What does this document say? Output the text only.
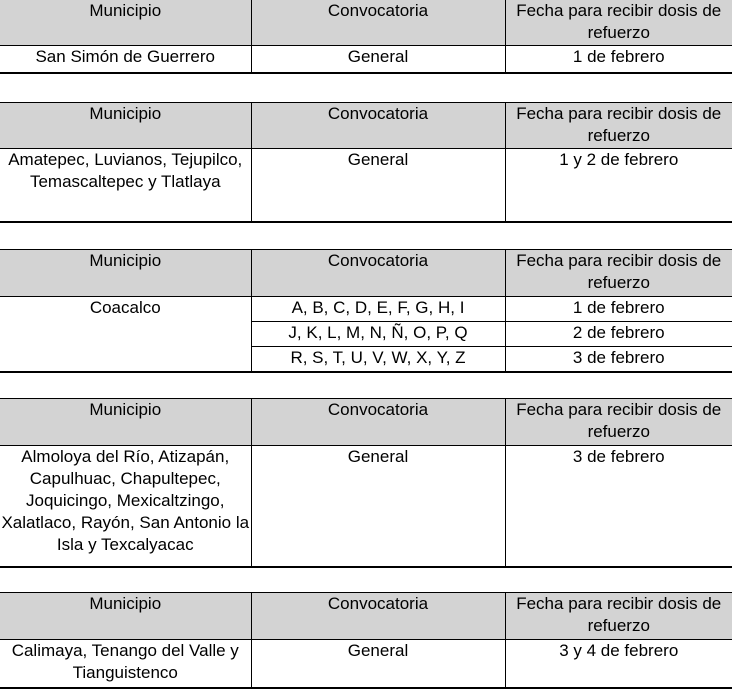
Municipio	Convocatoria	Fecha para recibir dosis de refuerzo
San Simón de Guerrero	General	1 de febrero
Municipio	Convocatoria	Fecha para recibir dosis de refuerzo
Amatepec, Luvianos, Tejupilco, Temascaltepec y Tlatlaya	General	1 y 2 de febrero
Municipio	Convocatoria	Fecha para recibir dosis de refuerzo
Coacalco	A, B, C, D, E, F, G, H, I	1 de febrero
	J, K, L, M, N, Ñ, O, P, Q	2 de febrero
	R, S, T, U, V, W, X, Y, Z	3 de febrero
Municipio	Convocatoria	Fecha para recibir dosis de refuerzo
Almoloya del Río, Atizapán, Capulhuac, Chapultepec, Joquicingo, Mexicaltzingo, Xalatlaco, Rayón, San Antonio la Isla y Texcalyacac	General	3 de febrero
Municipio	Convocatoria	Fecha para recibir dosis de refuerzo
Calimaya, Tenango del Valle y Tianguistenco	General	3 y 4 de febrero
